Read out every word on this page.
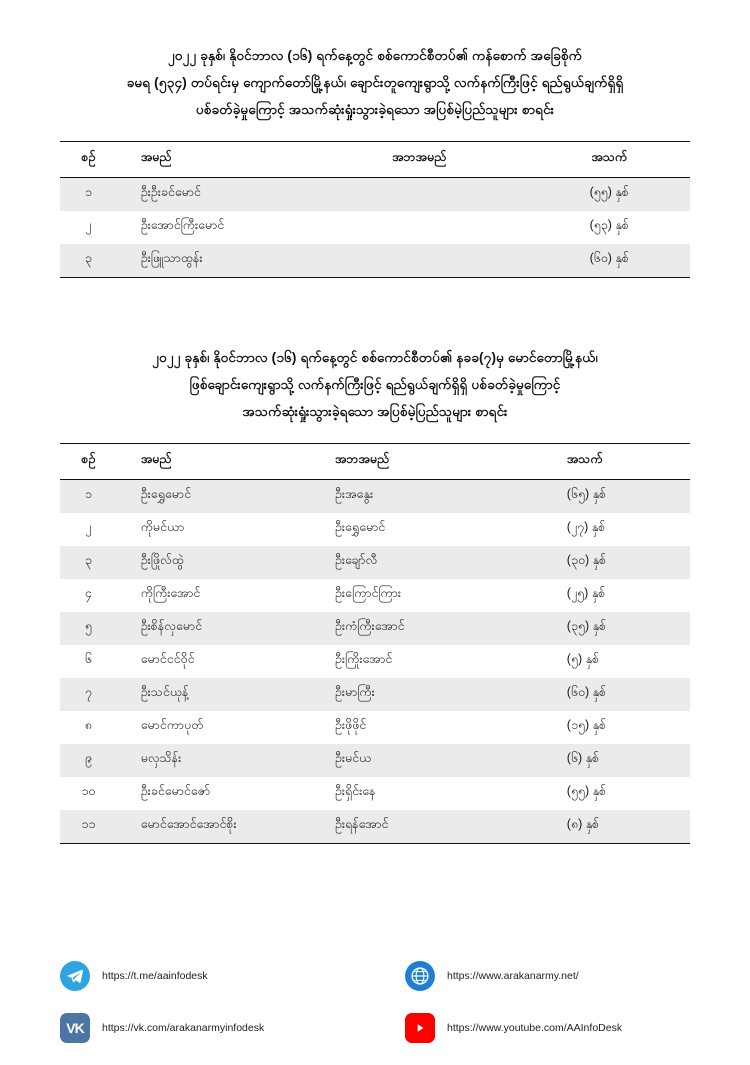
၂၀၂၂ ခုနှစ်၊ နိုဝင်ဘာလ (၁၆) ရက်နေ့တွင် စစ်ကောင်စီတပ်၏ ကန်စောက် အခြေစိုက်
ခမရ (၅၃၄) တပ်ရင်းမှ ကျောက်တော်မြို့နယ်၊ ချောင်းတူကျေးရွာသို့ လက်နက်ကြီးဖြင့် ရည်ရွယ်ချက်ရှိရှိ
ပစ်ခတ်ခဲ့မှုကြောင့် အသက်ဆုံးရှုံးသွားခဲ့ရသော အပြစ်မဲ့ပြည်သူများ စာရင်း
စဉ်	အမည်	အဘအမည်	အသက်
၁	ဦးဦးခင်မောင်		(၅၅) နှစ်
၂	ဦးအောင်ကြီးမောင်		(၅၃) နှစ်
၃	ဦးဖြူသာထွန်း		(၆၀) နှစ်
၂၀၂၂ ခုနှစ်၊ နိုဝင်ဘာလ (၁၆) ရက်နေ့တွင် စစ်ကောင်စီတပ်၏ နခခ(၇)မှ မောင်တောမြို့နယ်၊
ဖြစ်ချောင်းကျေးရွာသို့ လက်နက်ကြီးဖြင့် ရည်ရွယ်ချက်ရှိရှိ ပစ်ခတ်ခဲ့မှုကြောင့်
အသက်ဆုံးရှုံးသွားခဲ့ရသော အပြစ်မဲ့ပြည်သူများ စာရင်း
စဉ်	အမည်	အဘအမည်	အသက်
၁	ဦးရွှေမောင်	ဦးအနွေး	(၆၅) နှစ်
၂	ကိုမင်ယာ	ဦးရွှေမောင်	(၂၇) နှစ်
၃	ဦးဖြိုလ်ထွဲ	ဦးချော်လီ	(၃၀) နှစ်
၄	ကိုကြီးအောင်	ဦးကြောင်ကြား	(၂၅) နှစ်
၅	ဦးစိန်လှမောင်	ဦးကံကြီးအောင်	(၃၅) နှစ်
၆	မောင်ငင်ဝိုင်	ဦးကြိုးအောင်	(၅) နှစ်
၇	ဦးသင်ယုန့်	ဦးမာကြီး	(၆၀) နှစ်
၈	မောင်ကာပုတ်	ဦးဖိုဖိုင်	(၁၅) နှစ်
၉	မလှသိန်း	ဦးမင်ယ	(၆) နှစ်
၁၀	ဦးခင်မောင်ဇော်	ဦးရှိင်းနေ	(၅၅) နှစ်
၁၁	မောင်အောင်အောင်စိုး	ဦးရန်အောင်	(၈) နှစ်
https://t.me/aainfodesk	https://www.arakanarmy.net/
VK	https://vk.com/arakanarmyinfodesk	https://www.youtube.com/AAInfoDesk
